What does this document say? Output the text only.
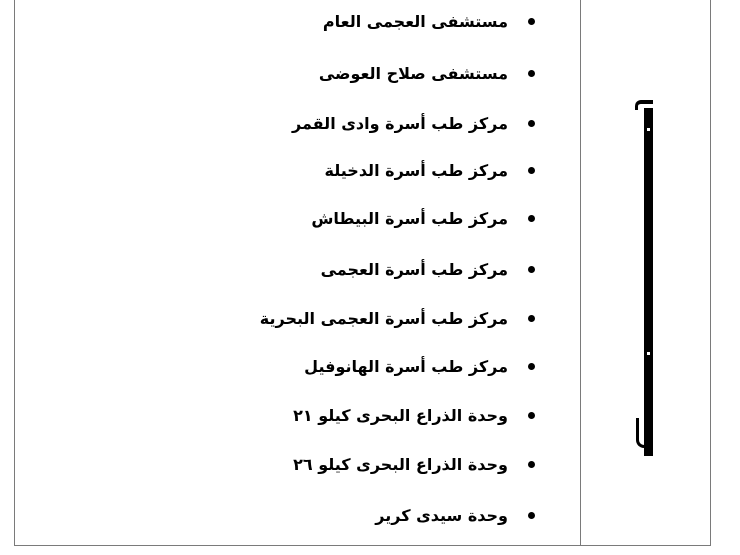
مستشفى العجمى العام
مستشفى صلاح العوضى
مركز طب أسرة وادى القمر
مركز طب أسرة الدخيلة
مركز طب أسرة البيطاش
مركز طب أسرة العجمى
مركز طب أسرة العجمى البحرية
مركز طب أسرة الهانوفيل
وحدة الذراع البحرى كيلو ٢١
وحدة الذراع البحرى كيلو ٢٦
وحدة سيدى كرير
